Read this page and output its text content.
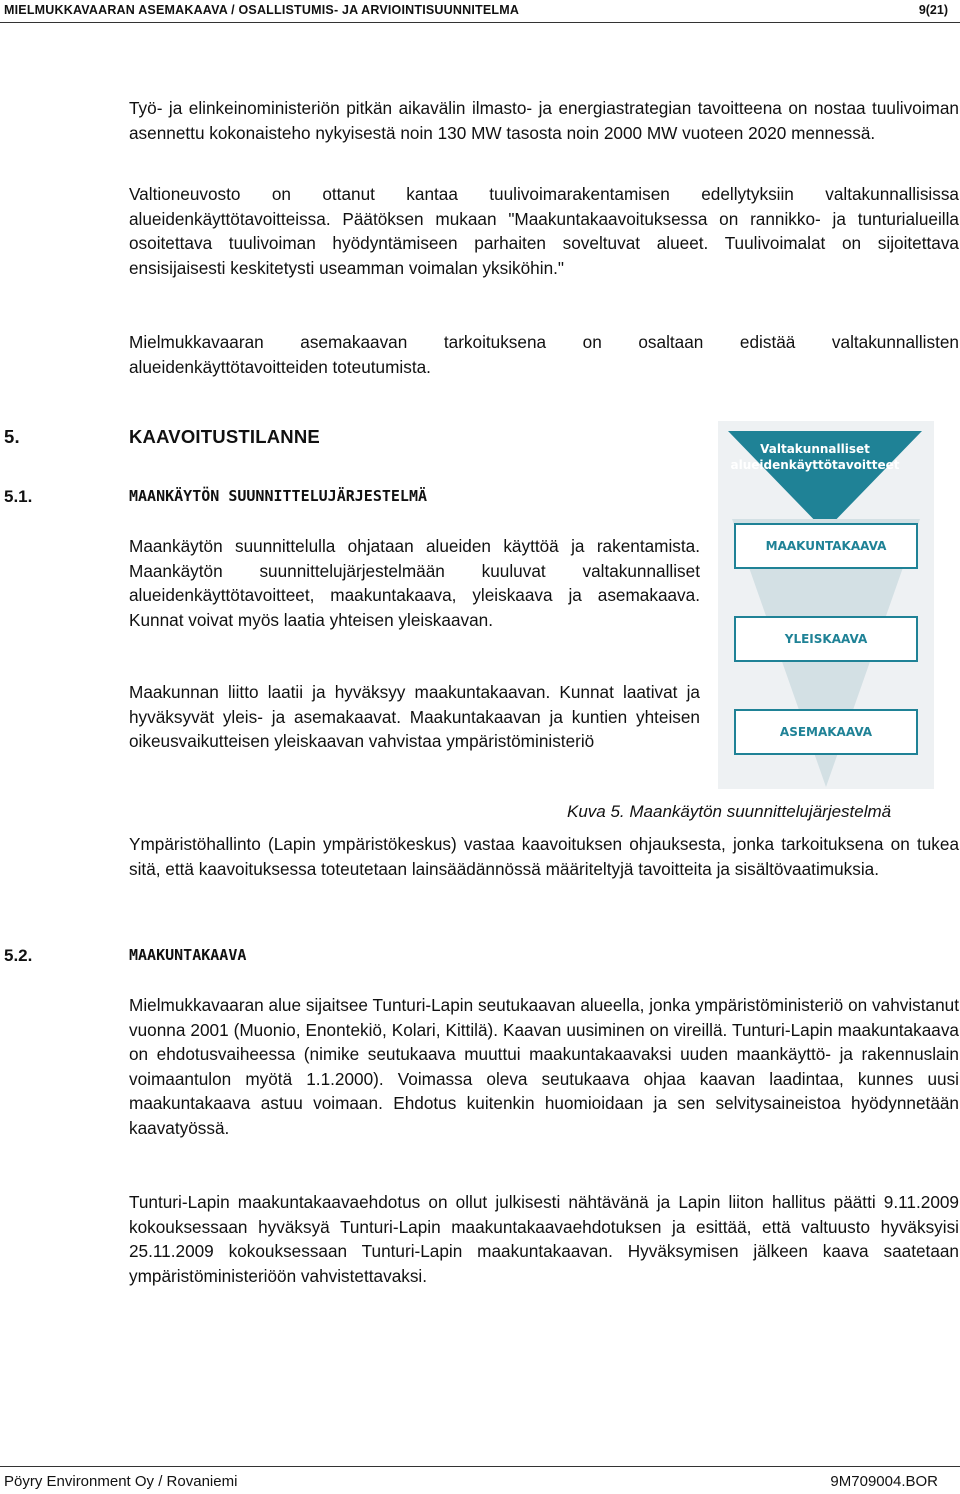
MIELMUKKAVAARAN ASEMAKAAVA / OSALLISTUMIS- JA ARVIOINTISUUNNITELMA	9(21)

Työ- ja elinkeinoministeriön pitkän aikavälin ilmasto- ja energiastrategian tavoitteena on nostaa tuulivoiman asennettu kokonaisteho nykyisestä noin 130 MW tasosta noin 2000 MW vuoteen 2020 mennessä.

Valtioneuvosto on ottanut kantaa tuulivoimarakentamisen edellytyksiin valtakunnallisissa alueidenkäyttötavoitteissa. Päätöksen mukaan "Maakuntakaavoituksessa on rannikko- ja tunturialueilla osoitettava tuulivoiman hyödyntämiseen parhaiten soveltuvat alueet. Tuulivoimalat on sijoitettava ensisijaisesti keskitetysti useamman voimalan yksiköhin."

Mielmukkavaaran asemakaavan tarkoituksena on osaltaan edistää valtakunnallisten alueidenkäyttötavoitteiden toteutumista.

5.	KAAVOITUSTILANNE
5.1.	MAANKÄYTÖN SUUNNITTELUJÄRJESTELMÄ

Maankäytön suunnittelulla ohjataan alueiden käyttöä ja rakentamista. Maankäytön suunnittelujärjestelmään kuuluvat valtakunnalliset alueidenkäyttötavoitteet, maakuntakaava, yleiskaava ja asemakaava. Kunnat voivat myös laatia yhteisen yleiskaavan.

Maakunnan liitto laatii ja hyväksyy maakuntakaavan. Kunnat laativat ja hyväksyvät yleis- ja asemakaavat. Maakuntakaavan ja kuntien yhteisen oikeusvaikutteisen yleiskaavan vahvistaa ympäristöministeriö

Valtakunnalliset alueidenkäyttötavoitteet
MAAKUNTAKAAVA
YLEISKAAVA
ASEMAKAAVA
Kuva 5. Maankäytön suunnittelujärjestelmä

Ympäristöhallinto (Lapin ympäristökeskus) vastaa kaavoituksen ohjauksesta, jonka tarkoituksena on tukea sitä, että kaavoituksessa toteutetaan lainsäädännössä määriteltyjä tavoitteita ja sisältövaatimuksia.

5.2.	MAAKUNTAKAAVA

Mielmukkavaaran alue sijaitsee Tunturi-Lapin seutukaavan alueella, jonka ympäristöministeriö on vahvistanut vuonna 2001 (Muonio, Enontekiö, Kolari, Kittilä). Kaavan uusiminen on vireillä. Tunturi-Lapin maakuntakaava on ehdotusvaiheessa (nimike seutukaava muuttui maakuntakaavaksi uuden maankäyttö- ja rakennuslain voimaantulon myötä 1.1.2000). Voimassa oleva seutukaava ohjaa kaavan laadintaa, kunnes uusi maakuntakaava astuu voimaan. Ehdotus kuitenkin huomioidaan ja sen selvitysaineistoa hyödynnetään kaavatyössä.

Tunturi-Lapin maakuntakaavaehdotus on ollut julkisesti nähtävänä ja Lapin liiton hallitus päätti 9.11.2009 kokouksessaan hyväksyä Tunturi-Lapin maakuntakaavaehdotuksen ja esittää, että valtuusto hyväksyisi 25.11.2009 kokouksessaan Tunturi-Lapin maakuntakaavan. Hyväksymisen jälkeen kaava saatetaan ympäristöministeriöön vahvistettavaksi.

Pöyry Environment Oy / Rovaniemi	9M709004.BOR
